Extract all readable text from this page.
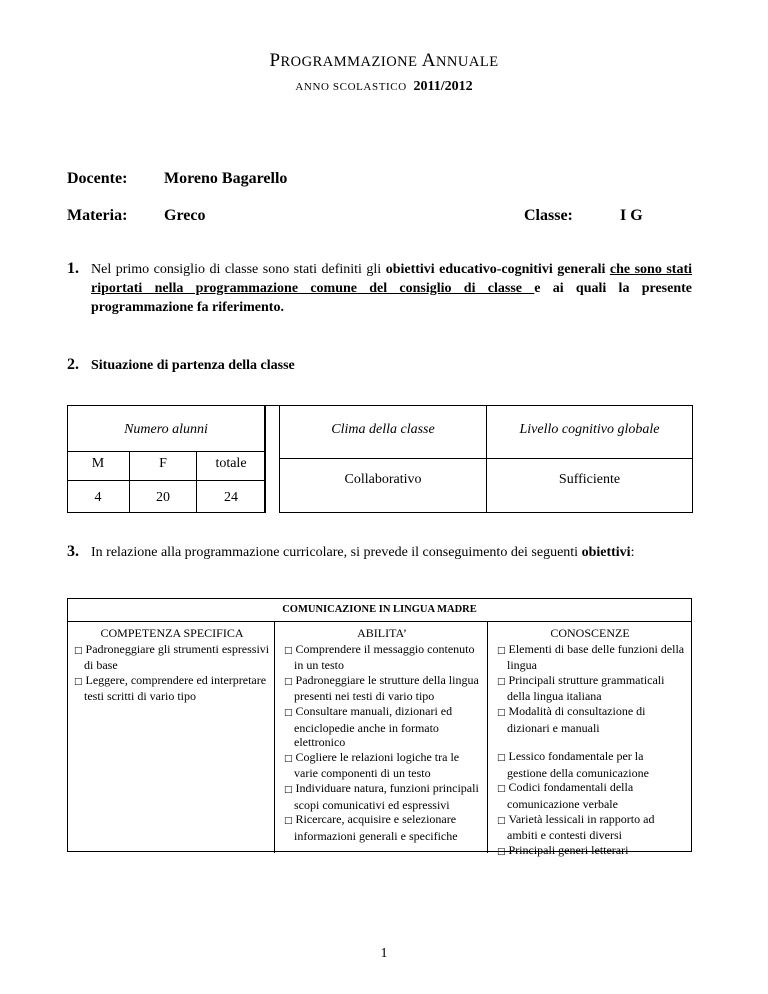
PROGRAMMAZIONE ANNUALE
ANNO SCOLASTICO 2011/2012
Docente: Moreno Bagarello
Materia: Greco	Classe:	I G
1. Nel primo consiglio di classe sono stati definiti gli obiettivi educativo-cognitivi generali che sono stati riportati nella programmazione comune del consiglio di classe e ai quali la presente programmazione fa riferimento.

2. Situazione di partenza della classe

Numero alunni	Clima della classe	Livello cognitivo globale
M	F	totale
4	20	24
Collaborativo	Sufficiente
3. In relazione alla programmazione curricolare, si prevede il conseguimento dei seguenti obiettivi:

COMUNICAZIONE IN LINGUA MADRE
COMPETENZA SPECIFICA
□ Padroneggiare gli strumenti espressivi di base
□ Leggere, comprendere ed interpretare testi scritti di vario tipo
ABILITA’
□ Comprendere il messaggio contenuto in un testo
□ Padroneggiare le strutture della lingua presenti nei testi di vario tipo
□ Consultare manuali, dizionari ed enciclopedie anche in formato elettronico
□ Cogliere le relazioni logiche tra le varie componenti di un testo
□ Individuare natura, funzioni principali scopi comunicativi ed espressivi
□ Ricercare, acquisire e selezionare informazioni generali e specifiche
CONOSCENZE
□ Elementi di base delle funzioni della lingua
□ Principali strutture grammaticali della lingua italiana
□ Modalità di consultazione di dizionari e manuali
□ Lessico fondamentale per la gestione della comunicazione
□ Codici fondamentali della comunicazione verbale
□ Varietà lessicali in rapporto ad ambiti e contesti diversi
□ Principali generi letterari
1
